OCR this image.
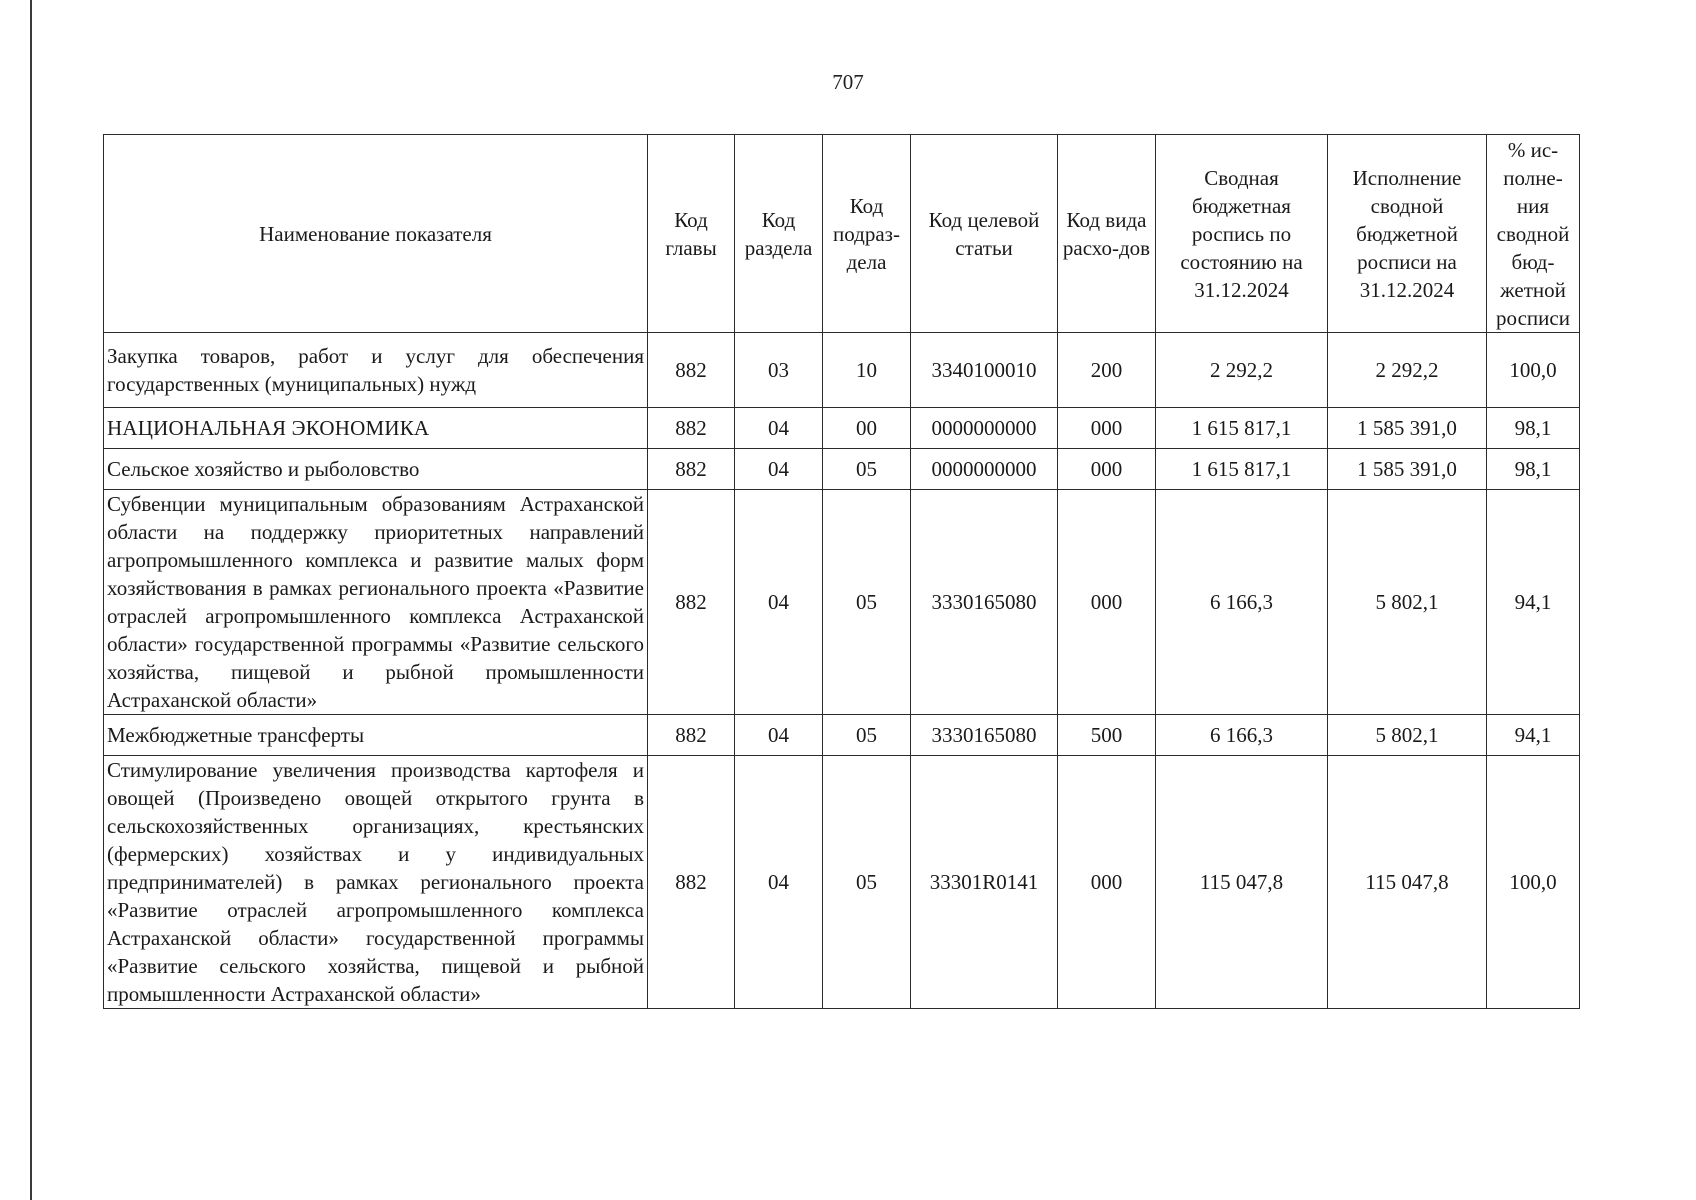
707
Наименование показателя	Код главы	Код раздела	Код подраз-дела	Код целевой статьи	Код вида расхо-дов	Сводная бюджетная роспись по состоянию на 31.12.2024	Исполнение сводной бюджетной росписи на 31.12.2024	% ис-полне-ния сводной бюд-жетной росписи
Закупка товаров, работ и услуг для обеспечения государственных (муниципальных) нужд	882	03	10	3340100010	200	2 292,2	2 292,2	100,0
НАЦИОНАЛЬНАЯ ЭКОНОМИКА	882	04	00	0000000000	000	1 615 817,1	1 585 391,0	98,1
Сельское хозяйство и рыболовство	882	04	05	0000000000	000	1 615 817,1	1 585 391,0	98,1
Субвенции муниципальным образованиям Астраханской области на поддержку приоритетных направлений агропромышленного комплекса и развитие малых форм хозяйствования в рамках регионального проекта «Развитие отраслей агропромышленного комплекса Астраханской области» государственной программы «Развитие сельского хозяйства, пищевой и рыбной промышленности Астраханской области»	882	04	05	3330165080	000	6 166,3	5 802,1	94,1
Межбюджетные трансферты	882	04	05	3330165080	500	6 166,3	5 802,1	94,1
Стимулирование увеличения производства картофеля и овощей (Произведено овощей открытого грунта в сельскохозяйственных организациях, крестьянских (фермерских) хозяйствах и у индивидуальных предпринимателей) в рамках регионального проекта «Развитие отраслей агропромышленного комплекса Астраханской области» государственной программы «Развитие сельского хозяйства, пищевой и рыбной промышленности Астраханской области»	882	04	05	33301R0141	000	115 047,8	115 047,8	100,0
